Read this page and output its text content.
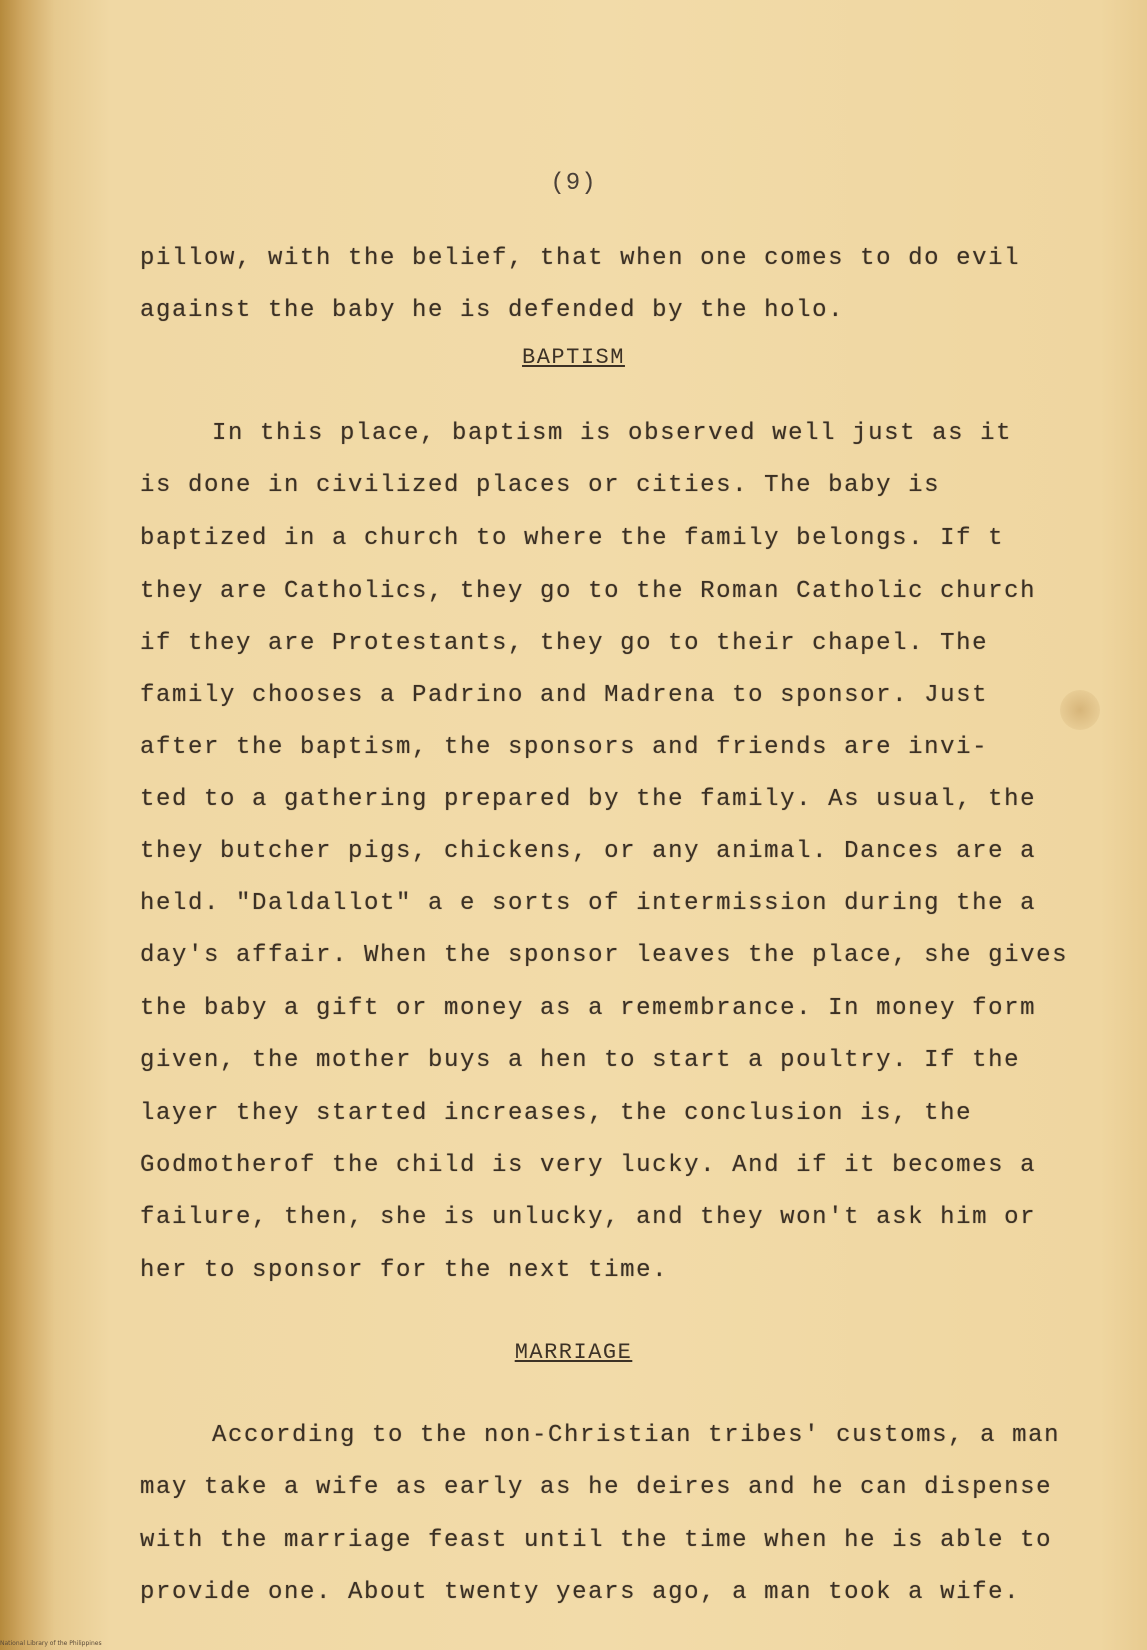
(9)
pillow, with the belief, that when one comes to do evil
against the baby he is defended by the holo.
BAPTISM
In this place, baptism is observed well just as it
is done in civilized places or cities. The baby is
baptized in a church to where the family belongs. If t
they are Catholics, they go to the Roman Catholic church
if they are Protestants, they go to their chapel. The
family chooses a Padrino and Madrena to sponsor. Just
after the baptism, the sponsors and friends are invi-
ted to a gathering prepared by the family. As usual, the
they butcher pigs, chickens, or any animal. Dances are a
held. "Daldallot" a e sorts of intermission during the a
day's affair. When the sponsor leaves the place, she gives
the baby a gift or money as a remembrance. In money form
given, the mother buys a hen to start a poultry. If the
layer they started increases, the conclusion is, the
Godmotherof the child is very lucky. And if it becomes a
failure, then, she is unlucky, and they won't ask him or
her to sponsor for the next time.
MARRIAGE
According to the non-Christian tribes' customs, a man
may take a wife as early as he deires and he can dispense
with the marriage feast until the time when he is able to
provide one. About twenty years ago, a man took a wife.
National Library of the Philippines
